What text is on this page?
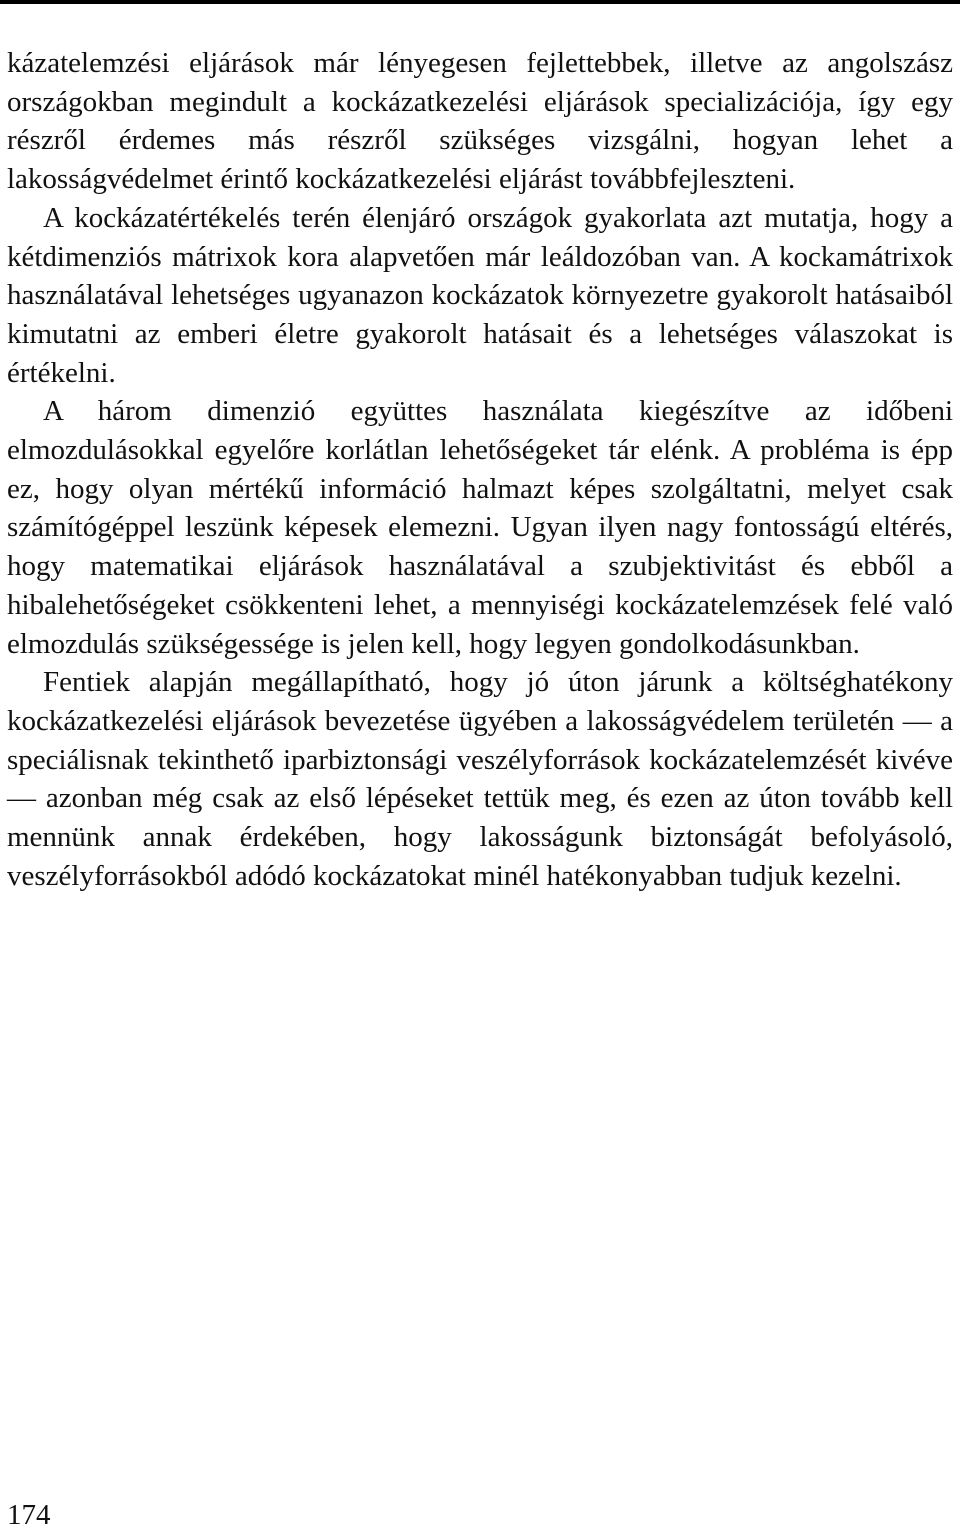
kázatelemzési eljárások már lényegesen fejlettebbek, illetve az angolszász országokban megindult a kockázatkezelési eljárások specializációja, így egy részről érdemes más részről szükséges vizsgálni, hogyan lehet a lakosságvédelmet érintő kockázatkezelési eljárást továbbfejleszteni.

A kockázatértékelés terén élenjáró országok gyakorlata azt mutatja, hogy a kétdimenziós mátrixok kora alapvetően már leáldozóban van. A kockamátrixok használatával lehetséges ugyanazon kockázatok környezetre gyakorolt hatásaiból kimutatni az emberi életre gyakorolt hatásait és a lehetséges válaszokat is értékelni.

A három dimenzió együttes használata kiegészítve az időbeni elmozdulásokkal egyelőre korlátlan lehetőségeket tár elénk. A probléma is épp ez, hogy olyan mértékű információ halmazt képes szolgáltatni, melyet csak számítógéppel leszünk képesek elemezni. Ugyan ilyen nagy fontosságú eltérés, hogy matematikai eljárások használatával a szubjektivitást és ebből a hibalehetőségeket csökkenteni lehet, a mennyiségi kockázatelemzések felé való elmozdulás szükségessége is jelen kell, hogy legyen gondolkodásunkban.

Fentiek alapján megállapítható, hogy jó úton járunk a költséghatékony kockázatkezelési eljárások bevezetése ügyében a lakosságvédelem területén — a speciálisnak tekinthető iparbiztonsági veszélyforrások kockázatelemzését kivéve — azonban még csak az első lépéseket tettük meg, és ezen az úton tovább kell mennünk annak érdekében, hogy lakosságunk biztonságát befolyásoló, veszélyforrásokból adódó kockázatokat minél hatékonyabban tudjuk kezelni.

174
